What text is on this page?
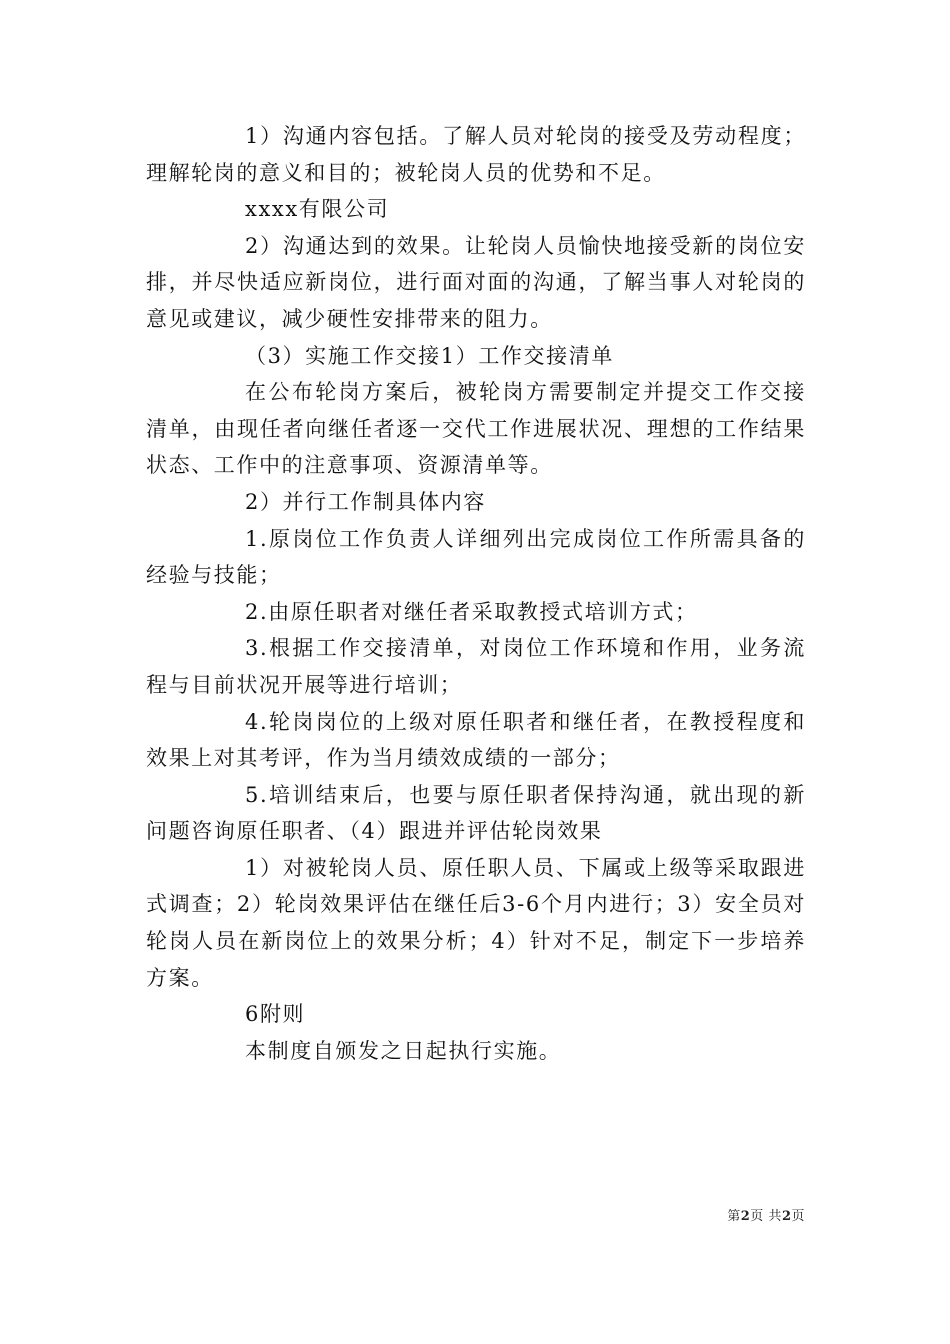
1）沟通内容包括。了解人员对轮岗的接受及劳动程度；理解轮岗的意义和目的；被轮岗人员的优势和不足。

xxxx有限公司

2）沟通达到的效果。让轮岗人员愉快地接受新的岗位安排，并尽快适应新岗位，进行面对面的沟通，了解当事人对轮岗的意见或建议，减少硬性安排带来的阻力。

（3）实施工作交接1）工作交接清单

在公布轮岗方案后，被轮岗方需要制定并提交工作交接清单，由现任者向继任者逐一交代工作进展状况、理想的工作结果状态、工作中的注意事项、资源清单等。

2）并行工作制具体内容

1.原岗位工作负责人详细列出完成岗位工作所需具备的经验与技能；

2.由原任职者对继任者采取教授式培训方式；

3.根据工作交接清单，对岗位工作环境和作用，业务流程与目前状况开展等进行培训；

4.轮岗岗位的上级对原任职者和继任者，在教授程度和效果上对其考评，作为当月绩效成绩的一部分；

5.培训结束后，也要与原任职者保持沟通，就出现的新问题咨询原任职者、（4）跟进并评估轮岗效果

1）对被轮岗人员、原任职人员、下属或上级等采取跟进式调查；2）轮岗效果评估在继任后3-6个月内进行；3）安全员对轮岗人员在新岗位上的效果分析；4）针对不足，制定下一步培养方案。

6附则

本制度自颁发之日起执行实施。

第2页 共2页
